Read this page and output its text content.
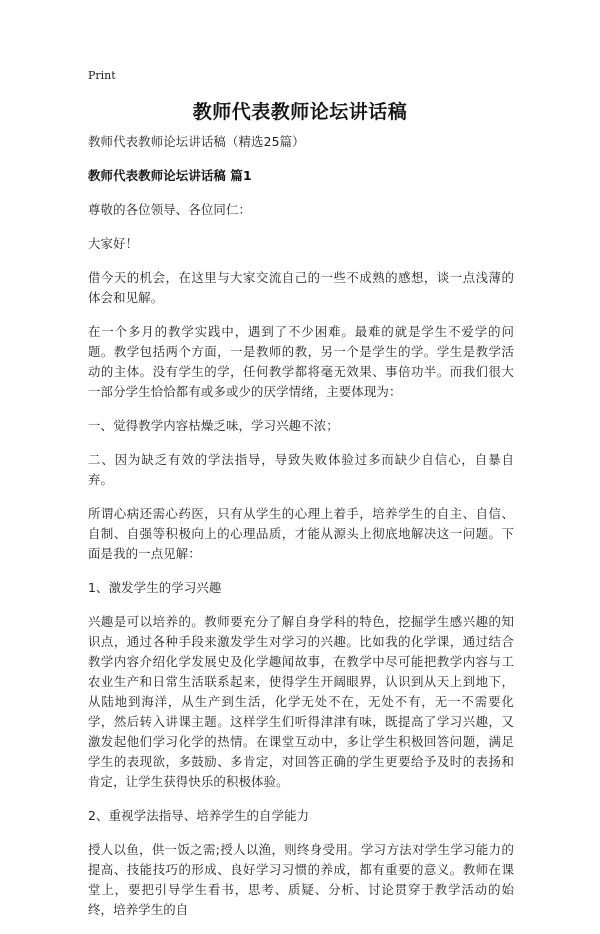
Print
教师代表教师论坛讲话稿
教师代表教师论坛讲话稿（精选25篇）
教师代表教师论坛讲话稿 篇1
尊敬的各位领导、各位同仁：
大家好！
借今天的机会，在这里与大家交流自己的一些不成熟的感想，谈一点浅薄的体会和见解。
在一个多月的教学实践中，遇到了不少困难。最难的就是学生不爱学的问题。教学包括两个方面，一是教师的教，另一个是学生的学。学生是教学活动的主体。没有学生的学，任何教学都将毫无效果、事倍功半。而我们很大一部分学生恰恰都有或多或少的厌学情绪，主要体现为：
一、觉得教学内容枯燥乏味，学习兴趣不浓；
二、因为缺乏有效的学法指导，导致失败体验过多而缺少自信心，自暴自弃。
所谓心病还需心药医，只有从学生的心理上着手，培养学生的自主、自信、自制、自强等积极向上的心理品质，才能从源头上彻底地解决这一问题。下面是我的一点见解：
1、激发学生的学习兴趣
兴趣是可以培养的。教师要充分了解自身学科的特色，挖掘学生感兴趣的知识点，通过各种手段来激发学生对学习的兴趣。比如我的化学课，通过结合教学内容介绍化学发展史及化学趣闻故事，在教学中尽可能把教学内容与工农业生产和日常生活联系起来，使得学生开阔眼界，认识到从天上到地下，从陆地到海洋，从生产到生活，化学无处不在，无处不有，无一不需要化学，然后转入讲课主题。这样学生们听得津津有味，既提高了学习兴趣，又激发起他们学习化学的热情。在课堂互动中，多让学生积极回答问题，满足学生的表现欲，多鼓励、多肯定，对回答正确的学生更要给予及时的表扬和肯定，让学生获得快乐的积极体验。
2、重视学法指导、培养学生的自学能力
授人以鱼，供一饭之需;授人以渔，则终身受用。学习方法对学生学习能力的提高、技能技巧的形成、良好学习习惯的养成，都有重要的意义。教师在课堂上，要把引导学生看书，思考、质疑、分析、讨论贯穿于教学活动的始终，培养学生的自
